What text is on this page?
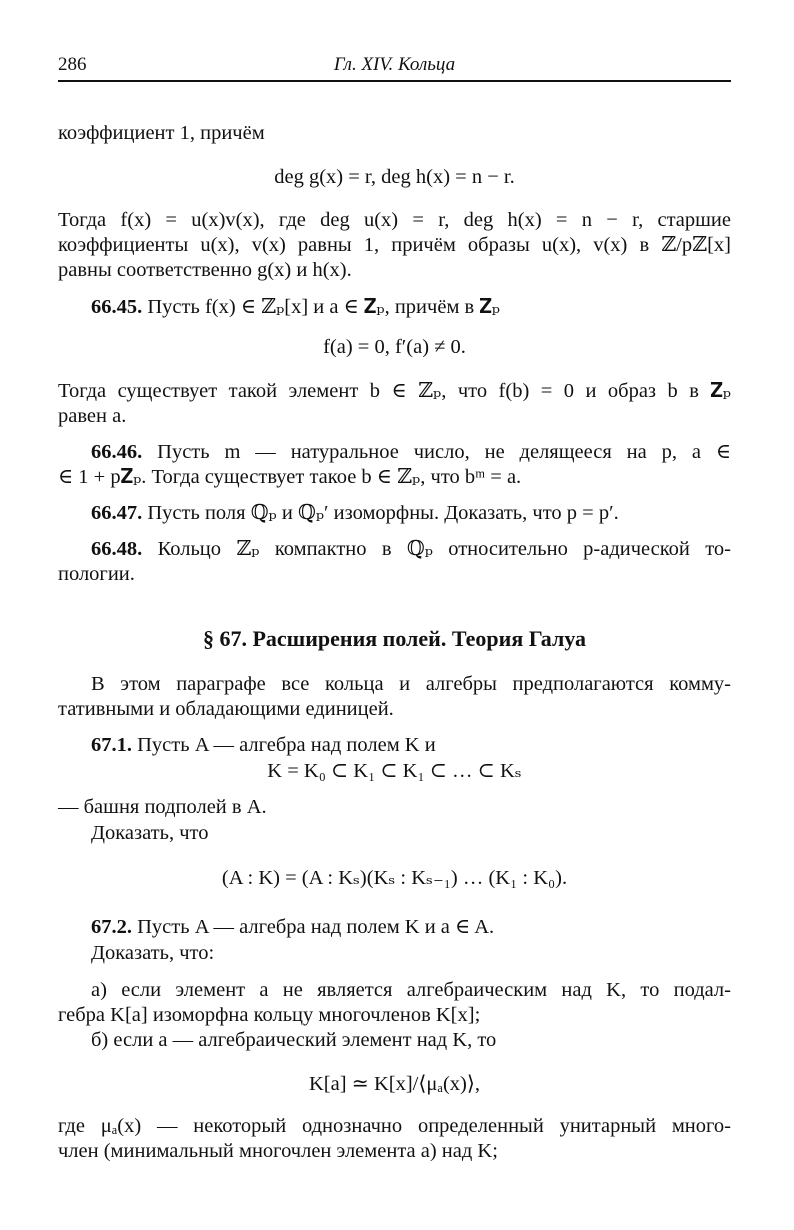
286	Гл. XIV. Кольца
коэффициент 1, причём
deg g(x) = r, deg h(x) = n − r.
Тогда f(x) = u(x)v(x), где deg u(x) = r, deg h(x) = n − r, старшие
коэффициенты u(x), v(x) равны 1, причём образы u(x), v(x) в ℤ/pℤ[x]
равны соответственно g(x) и h(x).
66.45. Пусть f(x) ∈ ℤₚ[x] и a ∈ 𝐙ₚ, причём в 𝐙ₚ
f(a) = 0, f′(a) ≠ 0.
Тогда существует такой элемент b ∈ ℤₚ, что f(b) = 0 и образ b в 𝐙ₚ
равен a.
66.46. Пусть m — натуральное число, не делящееся на p, a ∈
∈ 1 + p𝐙ₚ. Тогда существует такое b ∈ ℤₚ, что bᵐ = a.
66.47. Пусть поля ℚₚ и ℚₚ′ изоморфны. Доказать, что p = p′.
66.48. Кольцо ℤₚ компактно в ℚₚ относительно p-адической то-
пологии.
§ 67. Расширения полей. Теория Галуа
В этом параграфе все кольца и алгебры предполагаются комму-
тативными и обладающими единицей.
67.1. Пусть A — алгебра над полем K и
K = K₀ ⊂ K₁ ⊂ K₁ ⊂ … ⊂ Kₛ
— башня подполей в A.
Доказать, что
(A : K) = (A : Kₛ)(Kₛ : Kₛ₋₁) … (K₁ : K₀).
67.2. Пусть A — алгебра над полем K и a ∈ A.
Доказать, что:
а) если элемент a не является алгебраическим над K, то подал-
гебра K[a] изоморфна кольцу многочленов K[x];
б) если a — алгебраический элемент над K, то
K[a] ≃ K[x]/⟨μₐ(x)⟩,
где μₐ(x) — некоторый однозначно определенный унитарный много-
член (минимальный многочлен элемента a) над K;
